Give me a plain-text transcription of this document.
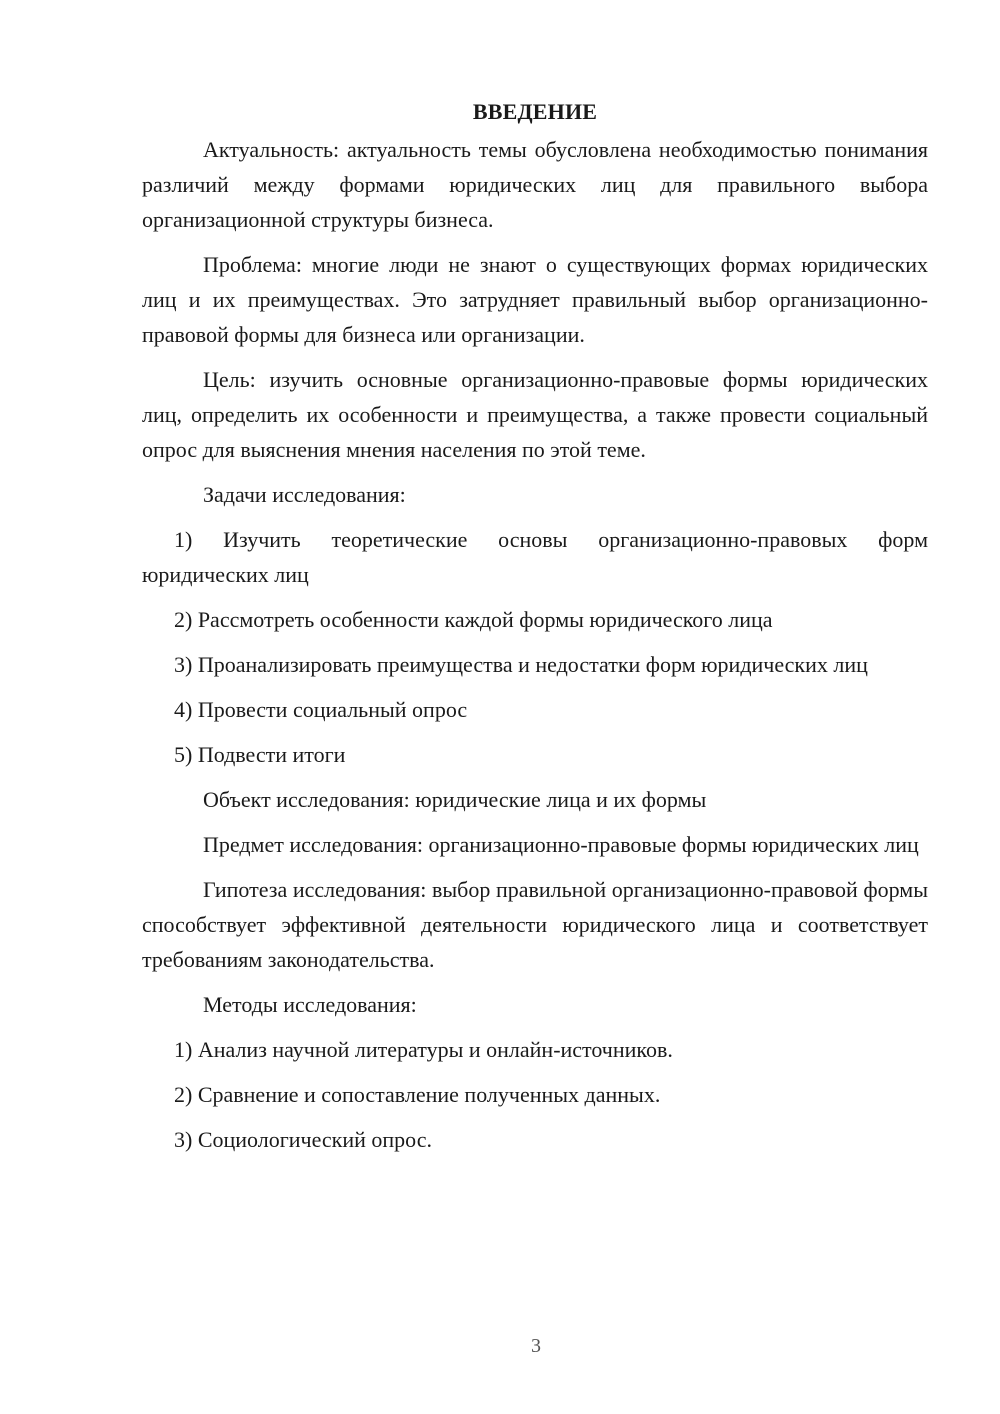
ВВЕДЕНИЕ

Актуальность: актуальность темы обусловлена необходимостью понимания различий между формами юридических лиц для правильного выбора организационной структуры бизнеса.

Проблема: многие люди не знают о существующих формах юридических лиц и их преимуществах. Это затрудняет правильный выбор организационно-правовой формы для бизнеса или организации.

Цель: изучить основные организационно-правовые формы юридических лиц, определить их особенности и преимущества, а также провести социальный опрос для выяснения мнения населения по этой теме.

Задачи исследования:

1) Изучить теоретические основы организационно-правовых форм юридических лиц

2) Рассмотреть особенности каждой формы юридического лица

3) Проанализировать преимущества и недостатки форм юридических лиц

4) Провести социальный опрос

5) Подвести итоги

Объект исследования: юридические лица и их формы

Предмет исследования: организационно-правовые формы юридических лиц

Гипотеза исследования: выбор правильной организационно-правовой формы способствует эффективной деятельности юридического лица и соответствует требованиям законодательства.

Методы исследования:

1) Анализ научной литературы и онлайн-источников.

2) Сравнение и сопоставление полученных данных.

3) Социологический опрос.

3
